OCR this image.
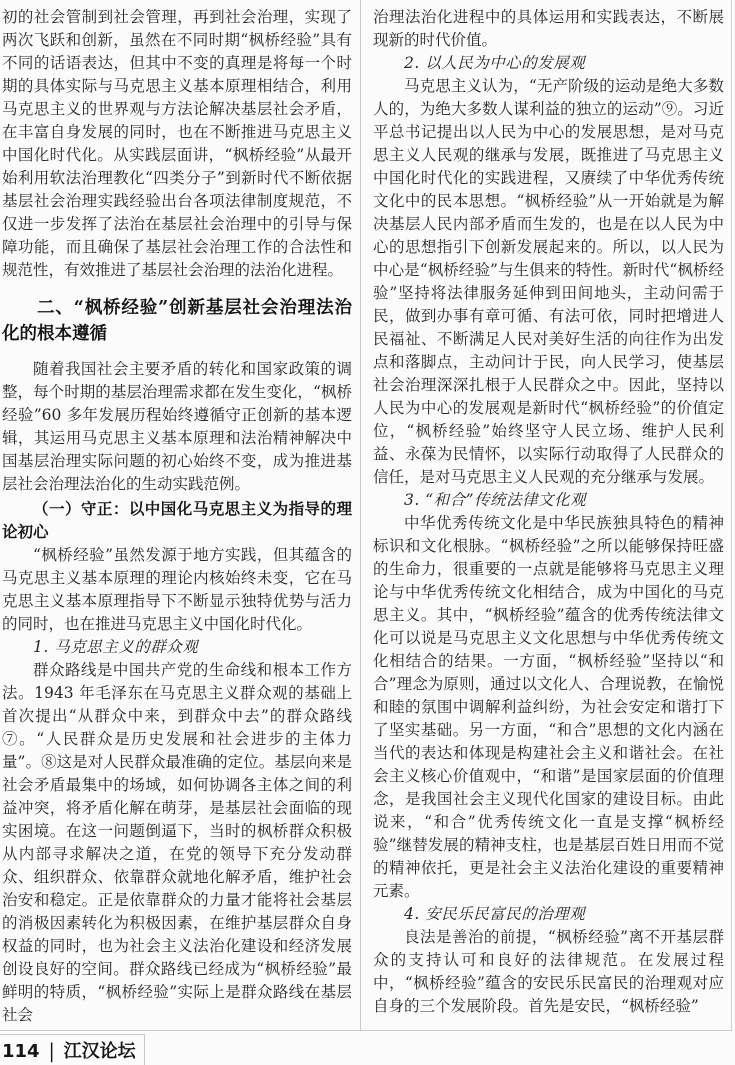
初的社会管制到社会管理，再到社会治理，实现了两次飞跃和创新，虽然在不同时期“枫桥经验”具有不同的话语表达，但其中不变的真理是将每一个时期的具体实际与马克思主义基本原理相结合，利用马克思主义的世界观与方法论解决基层社会矛盾，在丰富自身发展的同时，也在不断推进马克思主义中国化时代化。从实践层面讲，“枫桥经验”从最开始利用软法治理教化“四类分子”到新时代不断依据基层社会治理实践经验出台各项法律制度规范，不仅进一步发挥了法治在基层社会治理中的引导与保障功能，而且确保了基层社会治理工作的合法性和规范性，有效推进了基层社会治理的法治化进程。

二、“枫桥经验”创新基层社会治理法治化的根本遵循

随着我国社会主要矛盾的转化和国家政策的调整，每个时期的基层治理需求都在发生变化，“枫桥经验”60 多年发展历程始终遵循守正创新的基本逻辑，其运用马克思主义基本原理和法治精神解决中国基层治理实际问题的初心始终不变，成为推进基层社会治理法治化的生动实践范例。

（一）守正：以中国化马克思主义为指导的理论初心

“枫桥经验”虽然发源于地方实践，但其蕴含的马克思主义基本原理的理论内核始终未变，它在马克思主义基本原理指导下不断显示独特优势与活力的同时，也在推进马克思主义中国化时代化。

1. 马克思主义的群众观

群众路线是中国共产党的生命线和根本工作方法。1943 年毛泽东在马克思主义群众观的基础上首次提出“从群众中来，到群众中去”的群众路线⑦。“人民群众是历史发展和社会进步的主体力量”。⑧这是对人民群众最准确的定位。基层向来是社会矛盾最集中的场域，如何协调各主体之间的利益冲突，将矛盾化解在萌芽，是基层社会面临的现实困境。在这一问题倒逼下，当时的枫桥群众积极从内部寻求解决之道，在党的领导下充分发动群众、组织群众、依靠群众就地化解矛盾，维护社会治安和稳定。正是依靠群众的力量才能将社会基层的消极因素转化为积极因素，在维护基层群众自身权益的同时，也为社会主义法治化建设和经济发展创设良好的空间。群众路线已经成为“枫桥经验”最鲜明的特质，“枫桥经验”实际上是群众路线在基层社会

治理法治化进程中的具体运用和实践表达，不断展现新的时代价值。

2. 以人民为中心的发展观

马克思主义认为，“无产阶级的运动是绝大多数人的，为绝大多数人谋利益的独立的运动”⑨。习近平总书记提出以人民为中心的发展思想，是对马克思主义人民观的继承与发展，既推进了马克思主义中国化时代化的实践进程，又赓续了中华优秀传统文化中的民本思想。“枫桥经验”从一开始就是为解决基层人民内部矛盾而生发的，也是在以人民为中心的思想指引下创新发展起来的。所以，以人民为中心是“枫桥经验”与生俱来的特性。新时代“枫桥经验”坚持将法律服务延伸到田间地头，主动问需于民，做到办事有章可循、有法可依，同时把增进人民福祉、不断满足人民对美好生活的向往作为出发点和落脚点，主动问计于民，向人民学习，使基层社会治理深深扎根于人民群众之中。因此，坚持以人民为中心的发展观是新时代“枫桥经验”的价值定位，“枫桥经验”始终坚守人民立场、维护人民利益、永葆为民情怀，以实际行动取得了人民群众的信任，是对马克思主义人民观的充分继承与发展。

3. “和合”传统法律文化观

中华优秀传统文化是中华民族独具特色的精神标识和文化根脉。“枫桥经验”之所以能够保持旺盛的生命力，很重要的一点就是能够将马克思主义理论与中华优秀传统文化相结合，成为中国化的马克思主义。其中，“枫桥经验”蕴含的优秀传统法律文化可以说是马克思主义文化思想与中华优秀传统文化相结合的结果。一方面，“枫桥经验”坚持以“和合”理念为原则，通过以文化人、合理说教，在愉悦和睦的氛围中调解利益纠纷，为社会安定和谐打下了坚实基础。另一方面，“和合”思想的文化内涵在当代的表达和体现是构建社会主义和谐社会。在社会主义核心价值观中，“和谐”是国家层面的价值理念，是我国社会主义现代化国家的建设目标。由此说来，“和合”优秀传统文化一直是支撑“枫桥经验”继替发展的精神支柱，也是基层百姓日用而不觉的精神依托，更是社会主义法治化建设的重要精神元素。

4. 安民乐民富民的治理观

良法是善治的前提，“枫桥经验”离不开基层群众的支持认可和良好的法律规范。在发展过程中，“枫桥经验”蕴含的安民乐民富民的治理观对应自身的三个发展阶段。首先是安民，“枫桥经验”

114 | 江汉论坛
